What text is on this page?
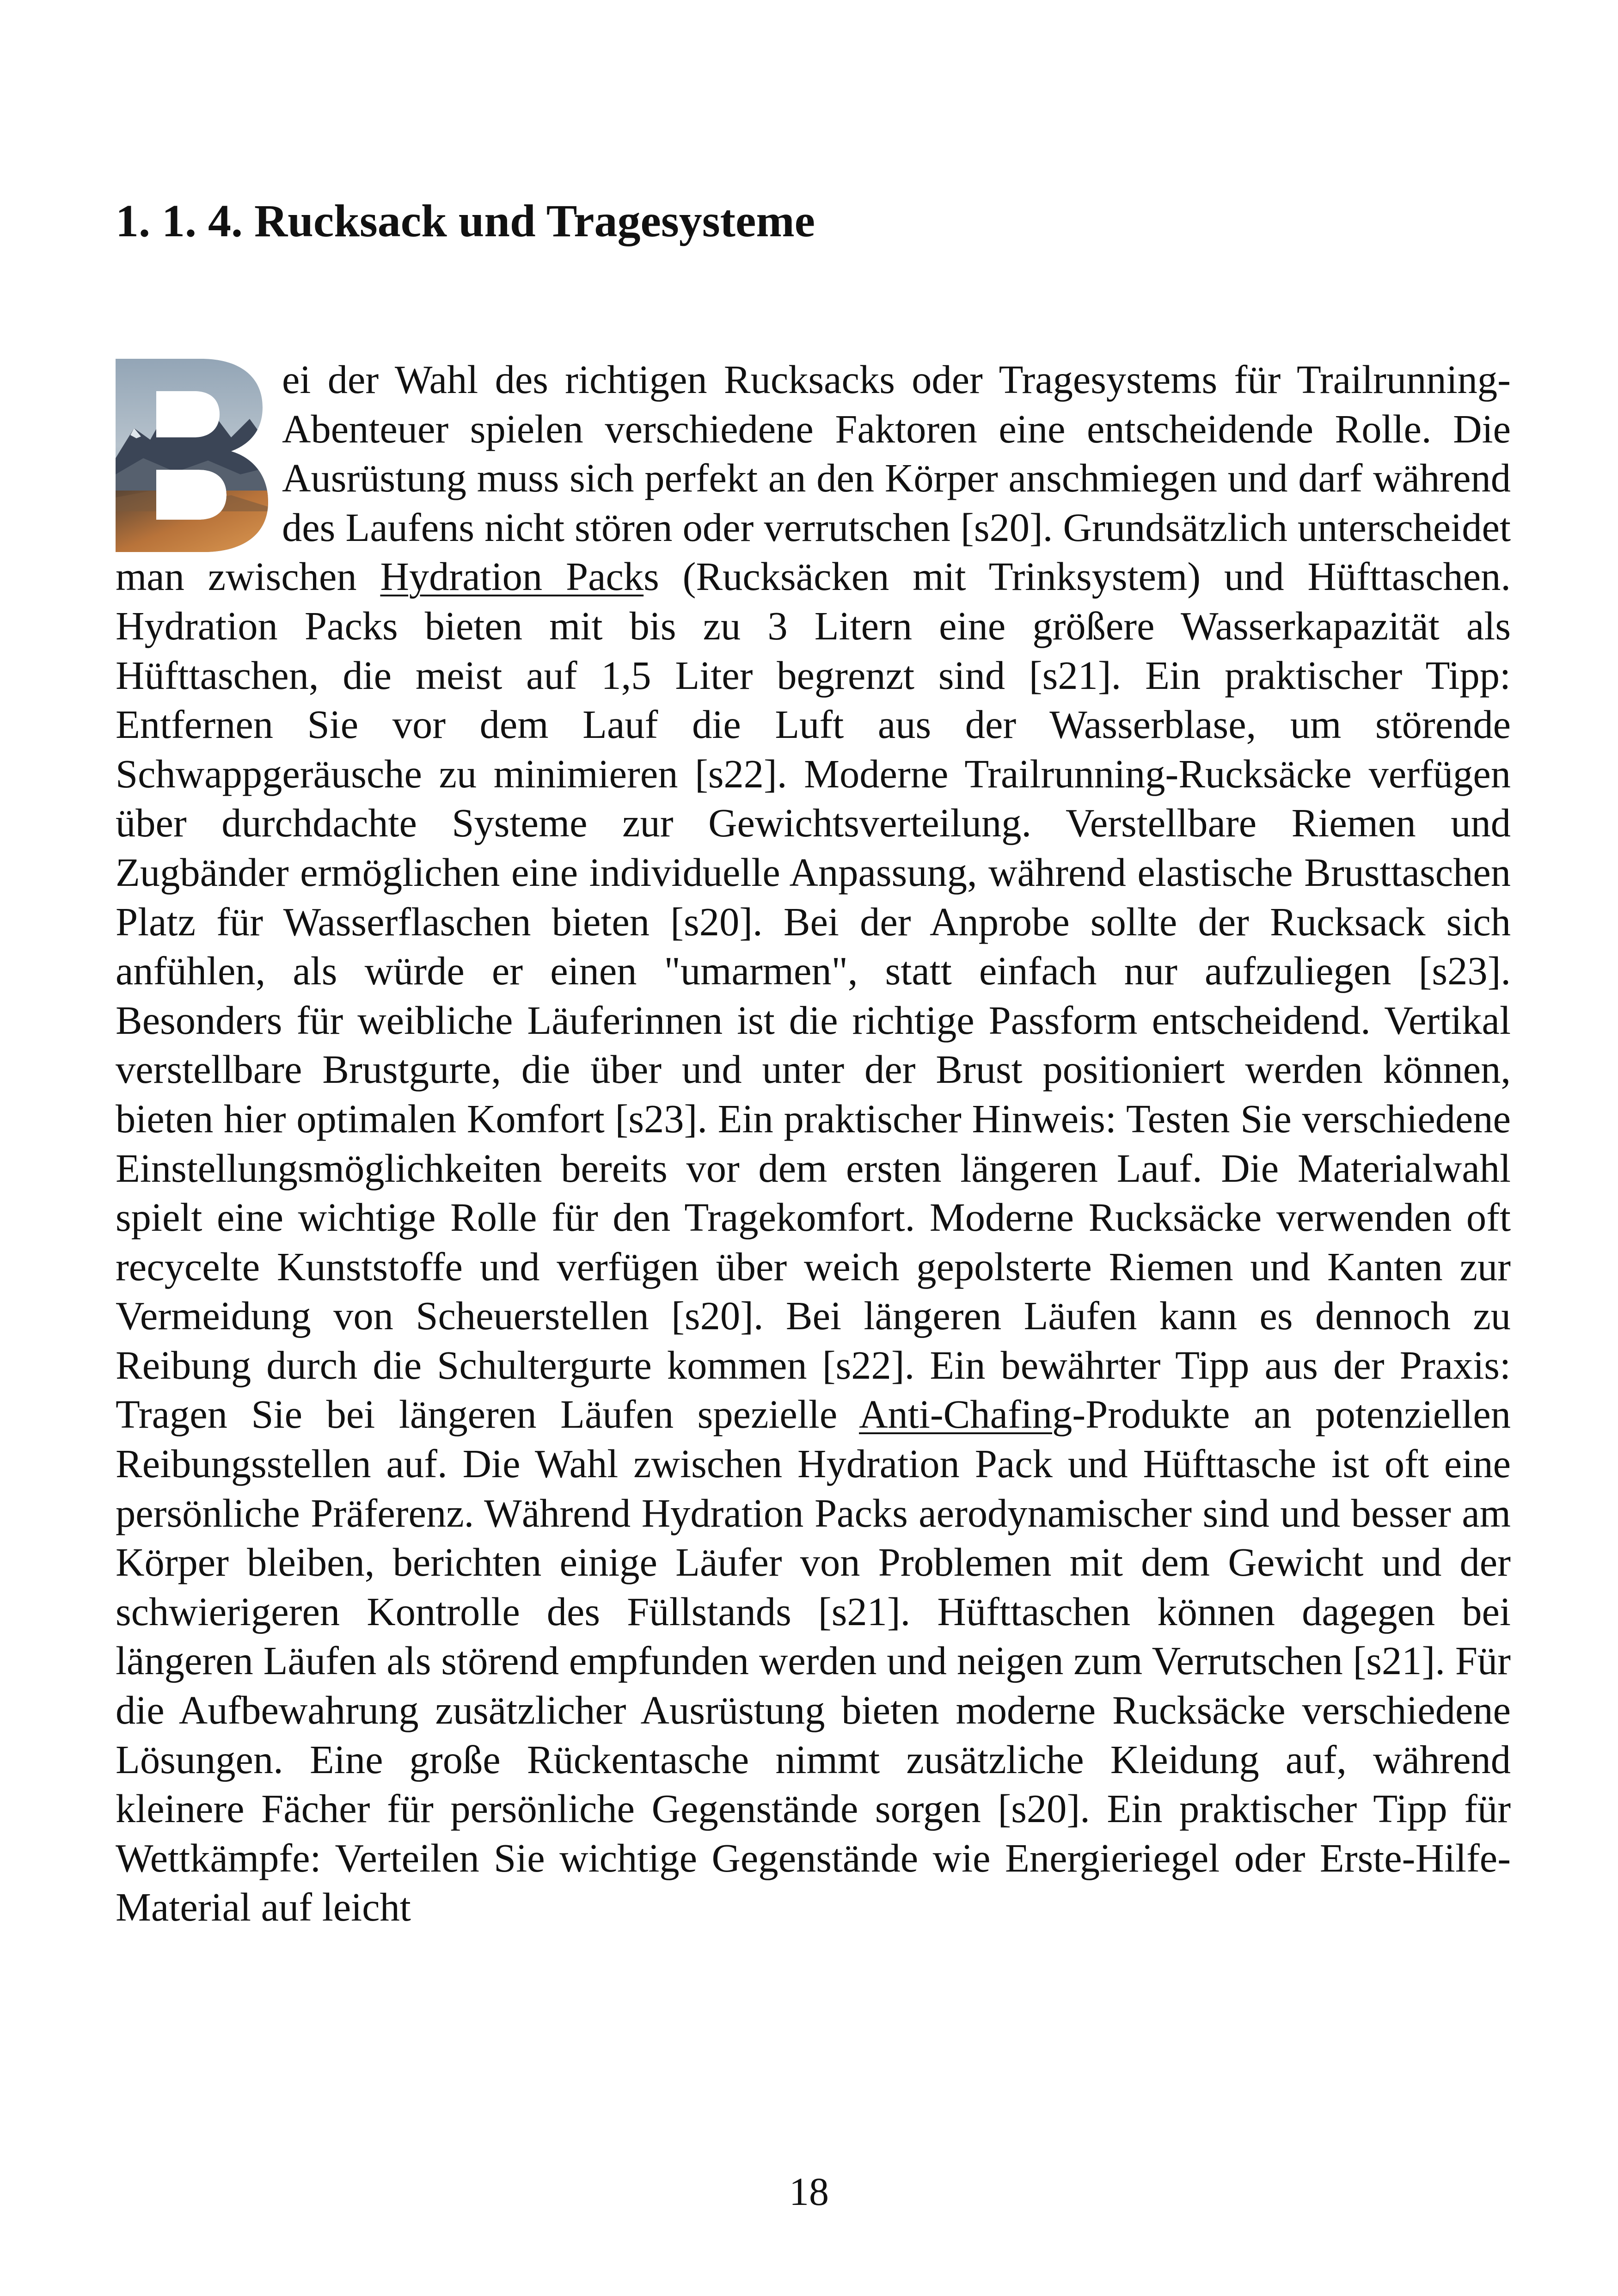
1. 1. 4. Rucksack und Tragesysteme

ei der Wahl des richtigen Rucksacks oder Tragesystems für Trailrunning-Abenteuer spielen verschiedene Faktoren eine entscheidende Rolle. Die Ausrüstung muss sich perfekt an den Körper anschmiegen und darf während des Laufens nicht stören oder verrutschen [s20]. Grundsätzlich unterscheidet man zwischen Hydration Packs (Rucksäcken mit Trinksystem) und Hüfttaschen. Hydration Packs bieten mit bis zu 3 Litern eine größere Wasserkapazität als Hüfttaschen, die meist auf 1,5 Liter begrenzt sind [s21]. Ein praktischer Tipp: Entfernen Sie vor dem Lauf die Luft aus der Wasserblase, um störende Schwappgeräusche zu minimieren [s22]. Moderne Trailrunning-Rucksäcke verfügen über durchdachte Systeme zur Gewichtsverteilung. Verstellbare Riemen und Zugbänder ermöglichen eine individuelle Anpassung, während elastische Brusttaschen Platz für Wasserflaschen bieten [s20]. Bei der Anprobe sollte der Rucksack sich anfühlen, als würde er einen "umarmen", statt einfach nur aufzuliegen [s23]. Besonders für weibliche Läuferinnen ist die richtige Passform entscheidend. Vertikal verstellbare Brustgurte, die über und unter der Brust positioniert werden können, bieten hier optimalen Komfort [s23]. Ein praktischer Hinweis: Testen Sie verschiedene Einstellungsmöglichkeiten bereits vor dem ersten längeren Lauf. Die Materialwahl spielt eine wichtige Rolle für den Tragekomfort. Moderne Rucksäcke verwenden oft recycelte Kunststoffe und verfügen über weich gepolsterte Riemen und Kanten zur Vermeidung von Scheuerstellen [s20]. Bei längeren Läufen kann es dennoch zu Reibung durch die Schultergurte kommen [s22]. Ein bewährter Tipp aus der Praxis: Tragen Sie bei längeren Läufen spezielle Anti-Chafing-Produkte an potenziellen Reibungsstellen auf. Die Wahl zwischen Hydration Pack und Hüfttasche ist oft eine persönliche Präferenz. Während Hydration Packs aerodynamischer sind und besser am Körper bleiben, berichten einige Läufer von Problemen mit dem Gewicht und der schwierigeren Kontrolle des Füllstands [s21]. Hüfttaschen können dagegen bei längeren Läufen als störend empfunden werden und neigen zum Verrutschen [s21]. Für die Aufbewahrung zusätzlicher Ausrüstung bieten moderne Rucksäcke verschiedene Lösungen. Eine große Rückentasche nimmt zusätzliche Kleidung auf, während kleinere Fächer für persönliche Gegenstände sorgen [s20]. Ein praktischer Tipp für Wettkämpfe: Verteilen Sie wichtige Gegenstände wie Energieriegel oder Erste-Hilfe-Material auf leicht

18
